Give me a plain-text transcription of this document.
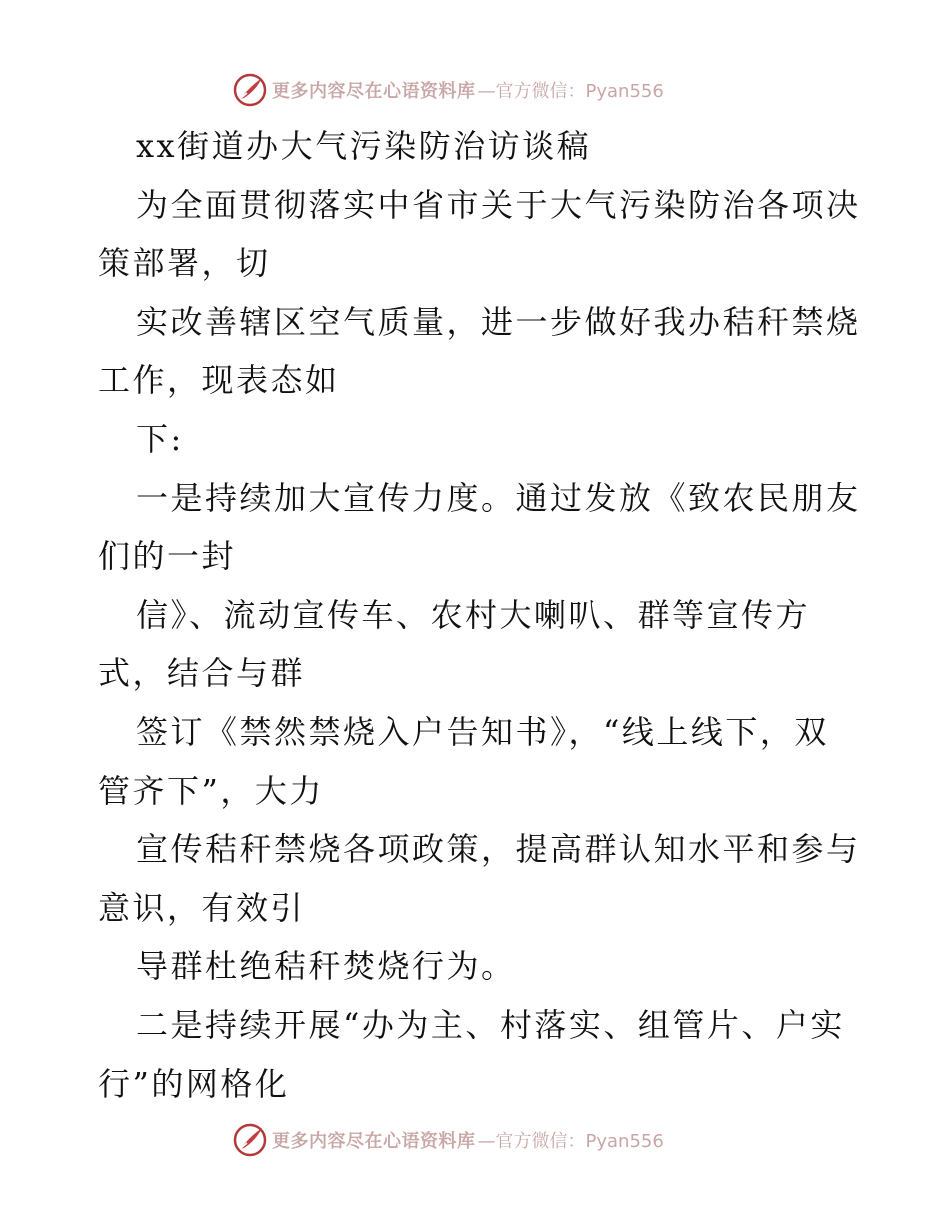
更多内容尽在心语资料库 —官方微信：Pyan556
xx街道办大气污染防治访谈稿
为全面贯彻落实中省市关于大气污染防治各项决
策部署，切
实改善辖区空气质量，进一步做好我办秸秆禁烧
工作，现表态如
下:
一是持续加大宣传力度。通过发放《致农民朋友
们的一封
信》、流动宣传车、农村大喇叭、群等宣传方
式，结合与群
签订《禁然禁烧入户告知书》，“线上线下，双
管齐下”，大力
宣传秸秆禁烧各项政策，提高群认知水平和参与
意识，有效引
导群杜绝秸秆焚烧行为。
二是持续开展“办为主、村落实、组管片、户实
行”的网格化
更多内容尽在心语资料库 —官方微信：Pyan556
